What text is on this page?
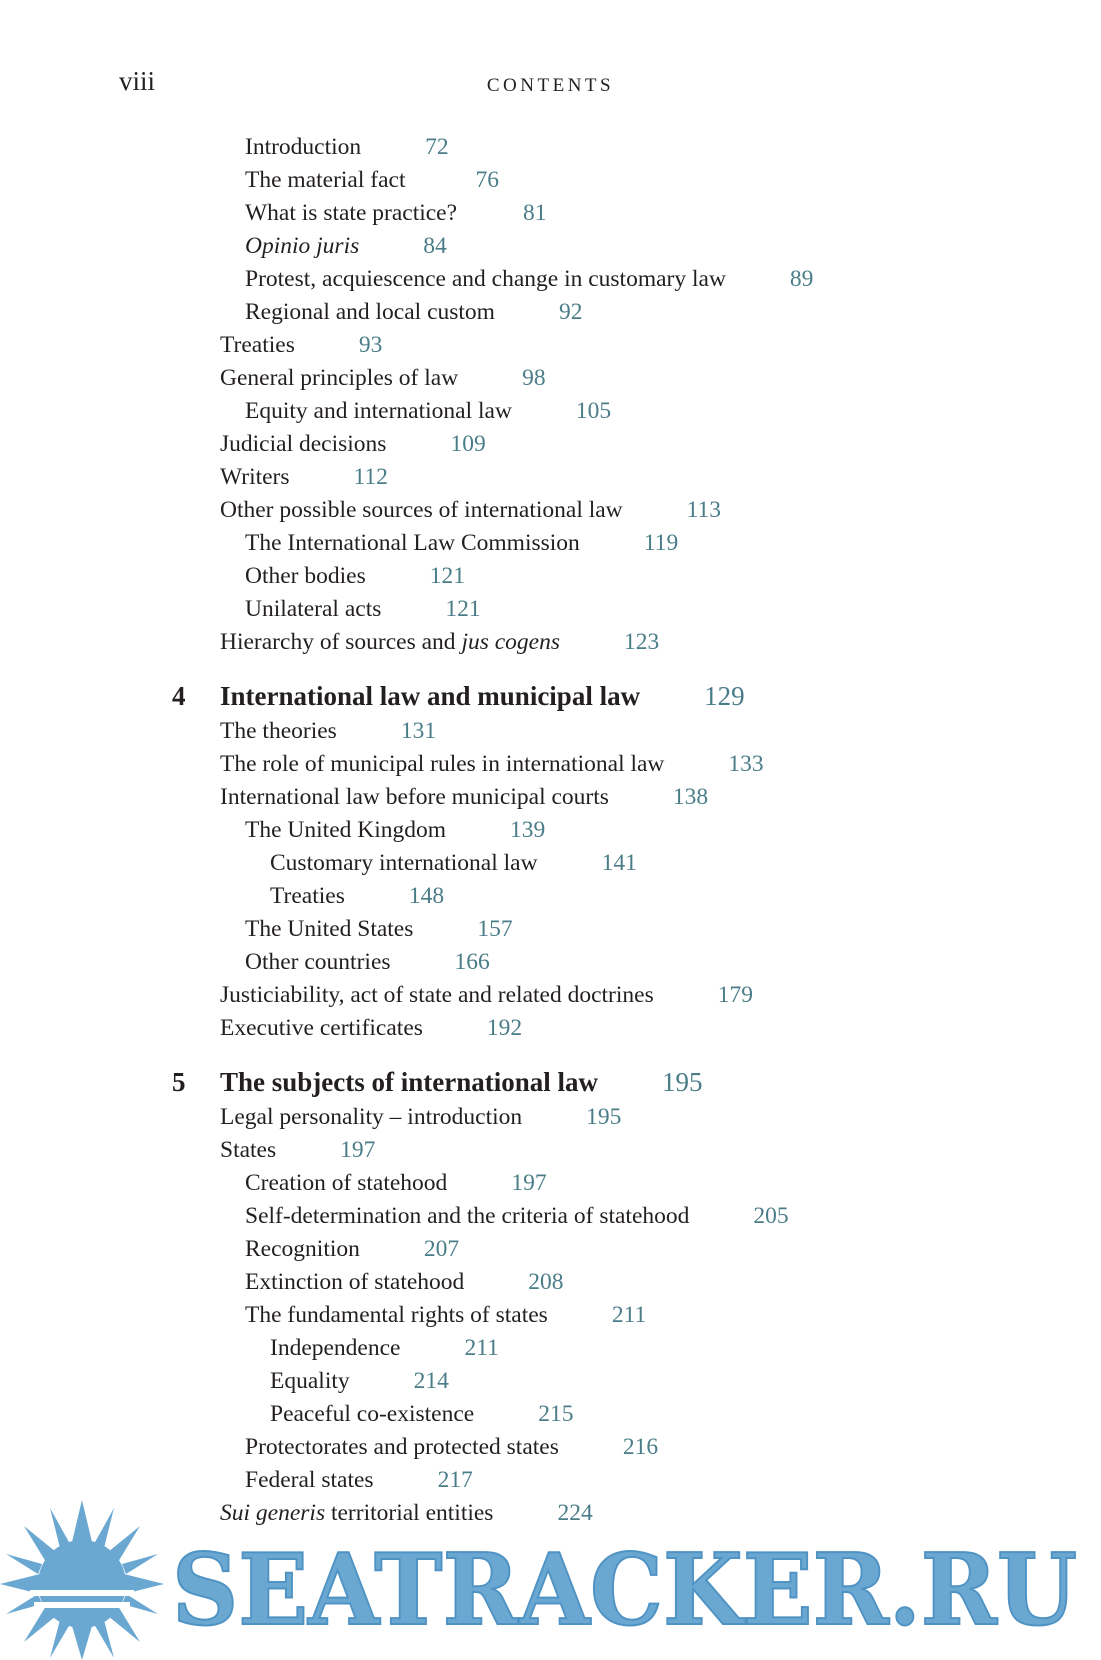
viii	CONTENTS
Introduction	72
The material fact	76
What is state practice?	81
Opinio juris	84
Protest, acquiescence and change in customary law	89
Regional and local custom	92
Treaties	93
General principles of law	98
Equity and international law	105
Judicial decisions	109
Writers	112
Other possible sources of international law	113
The International Law Commission	119
Other bodies	121
Unilateral acts	121
Hierarchy of sources and jus cogens	123
4 International law and municipal law 129
The theories	131
The role of municipal rules in international law	133
International law before municipal courts	138
The United Kingdom	139
Customary international law	141
Treaties	148
The United States	157
Other countries	166
Justiciability, act of state and related doctrines	179
Executive certificates	192
5 The subjects of international law 195
Legal personality – introduction	195
States	197
Creation of statehood	197
Self-determination and the criteria of statehood	205
Recognition	207
Extinction of statehood	208
The fundamental rights of states	211
Independence	211
Equality	214
Peaceful co-existence	215
Protectorates and protected states	216
Federal states	217
Sui generis territorial entities	224
SEATRACKER.RU
